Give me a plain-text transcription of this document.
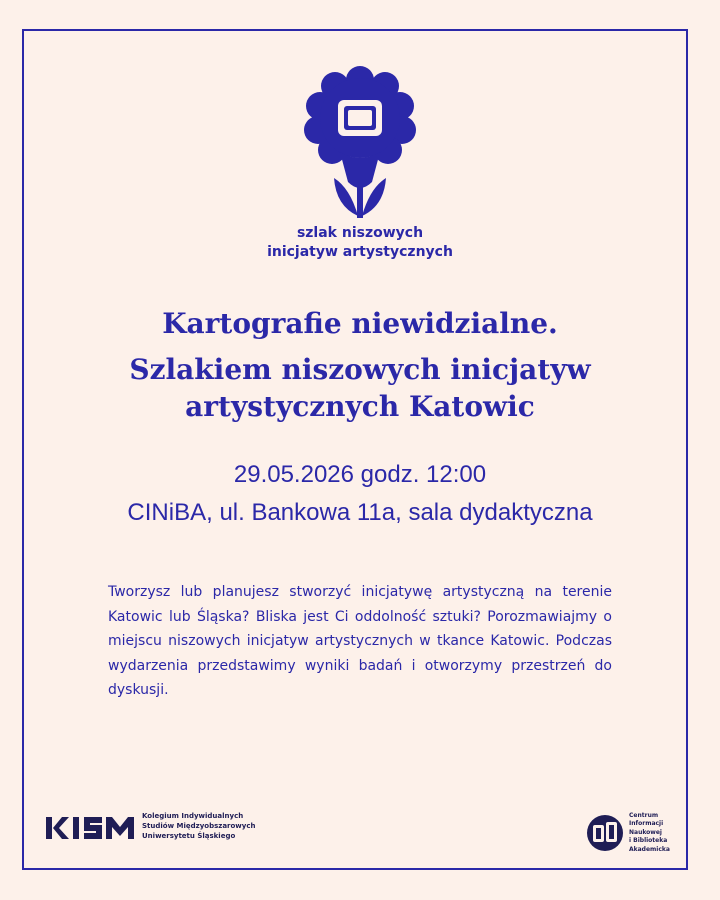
szlak niszowych
inicjatyw artystycznych
Kartografie niewidzialne.
Szlakiem niszowych inicjatyw
artystycznych Katowic
29.05.2026 godz. 12:00
CINiBA, ul. Bankowa 11a, sala dydaktyczna
Tworzysz lub planujesz stworzyć inicjatywę artystyczną na terenie Katowic lub Śląska? Bliska jest Ci oddolność sztuki? Porozmawiajmy o miejscu niszowych inicjatyw artystycznych w tkance Katowic. Podczas wydarzenia przedstawimy wyniki badań i otworzymy przestrzeń do dyskusji.
Kolegium Indywidualnych
Studiów Międzyobszarowych
Uniwersytetu Śląskiego
Centrum
Informacji
Naukowej
i Biblioteka
Akademicka
